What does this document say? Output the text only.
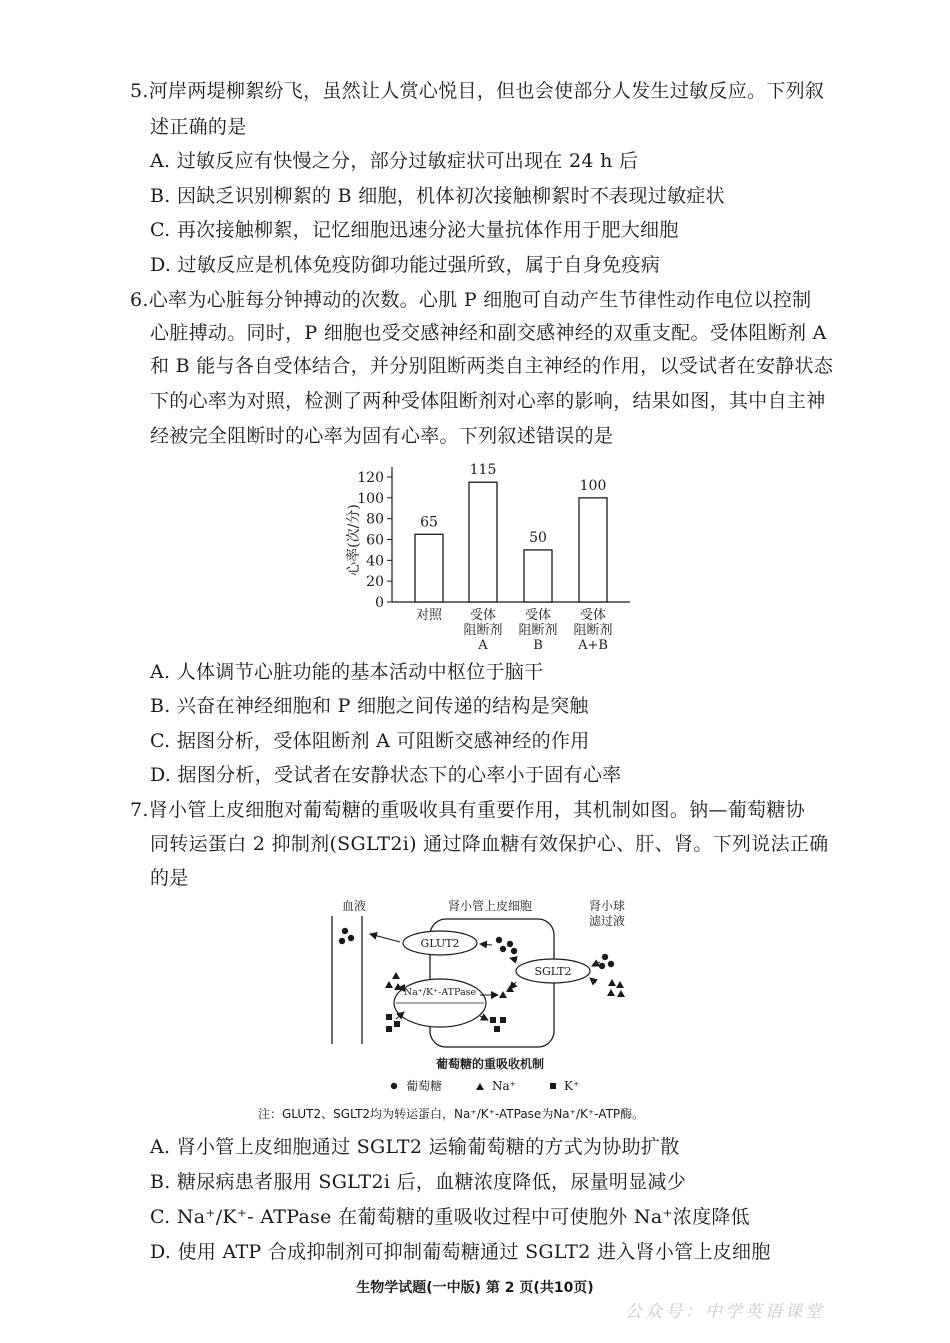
5.河岸两堤柳絮纷飞，虽然让人赏心悦目，但也会使部分人发生过敏反应。下列叙
述正确的是
A. 过敏反应有快慢之分，部分过敏症状可出现在 24 h 后
B. 因缺乏识别柳絮的 B 细胞，机体初次接触柳絮时不表现过敏症状
C. 再次接触柳絮，记忆细胞迅速分泌大量抗体作用于肥大细胞
D. 过敏反应是机体免疫防御功能过强所致，属于自身免疫病
6.心率为心脏每分钟搏动的次数。心肌 P 细胞可自动产生节律性动作电位以控制
心脏搏动。同时，P 细胞也受交感神经和副交感神经的双重支配。受体阻断剂 A
和 B 能与各自受体结合，并分别阻断两类自主神经的作用，以受试者在安静状态
下的心率为对照，检测了两种受体阻断剂对心率的影响，结果如图，其中自主神
经被完全阻断时的心率为固有心率。下列叙述错误的是
心率(次/分)
0
20
40
60
80
100
120
65
115
50
100
对照 受体
阻断剂
A
受体
阻断剂
B
受体
阻断剂
A+B
A. 人体调节心脏功能的基本活动中枢位于脑干
B. 兴奋在神经细胞和 P 细胞之间传递的结构是突触
C. 据图分析，受体阻断剂 A 可阻断交感神经的作用
D. 据图分析，受试者在安静状态下的心率小于固有心率
7.肾小管上皮细胞对葡萄糖的重吸收具有重要作用，其机制如图。钠—葡萄糖协
同转运蛋白 2 抑制剂(SGLT2i) 通过降血糖有效保护心、肝、肾。下列说法正确
的是
血液	肾小管上皮细胞	肾小球
滤过液
GLUT2
SGLT2
Na⁺/K⁺-ATPase
葡萄糖的重吸收机制
葡萄糖	Na⁺	K⁺
注：GLUT2、SGLT2均为转运蛋白，Na⁺/K⁺-ATPase为Na⁺/K⁺-ATP酶。
A. 肾小管上皮细胞通过 SGLT2 运输葡萄糖的方式为协助扩散
B. 糖尿病患者服用 SGLT2i 后，血糖浓度降低，尿量明显减少
C. Na⁺/K⁺- ATPase 在葡萄糖的重吸收过程中可使胞外 Na⁺浓度降低
D. 使用 ATP 合成抑制剂可抑制葡萄糖通过 SGLT2 进入肾小管上皮细胞
生物学试题(一中版) 第 2 页(共10页)
公众号：中学英语课堂
